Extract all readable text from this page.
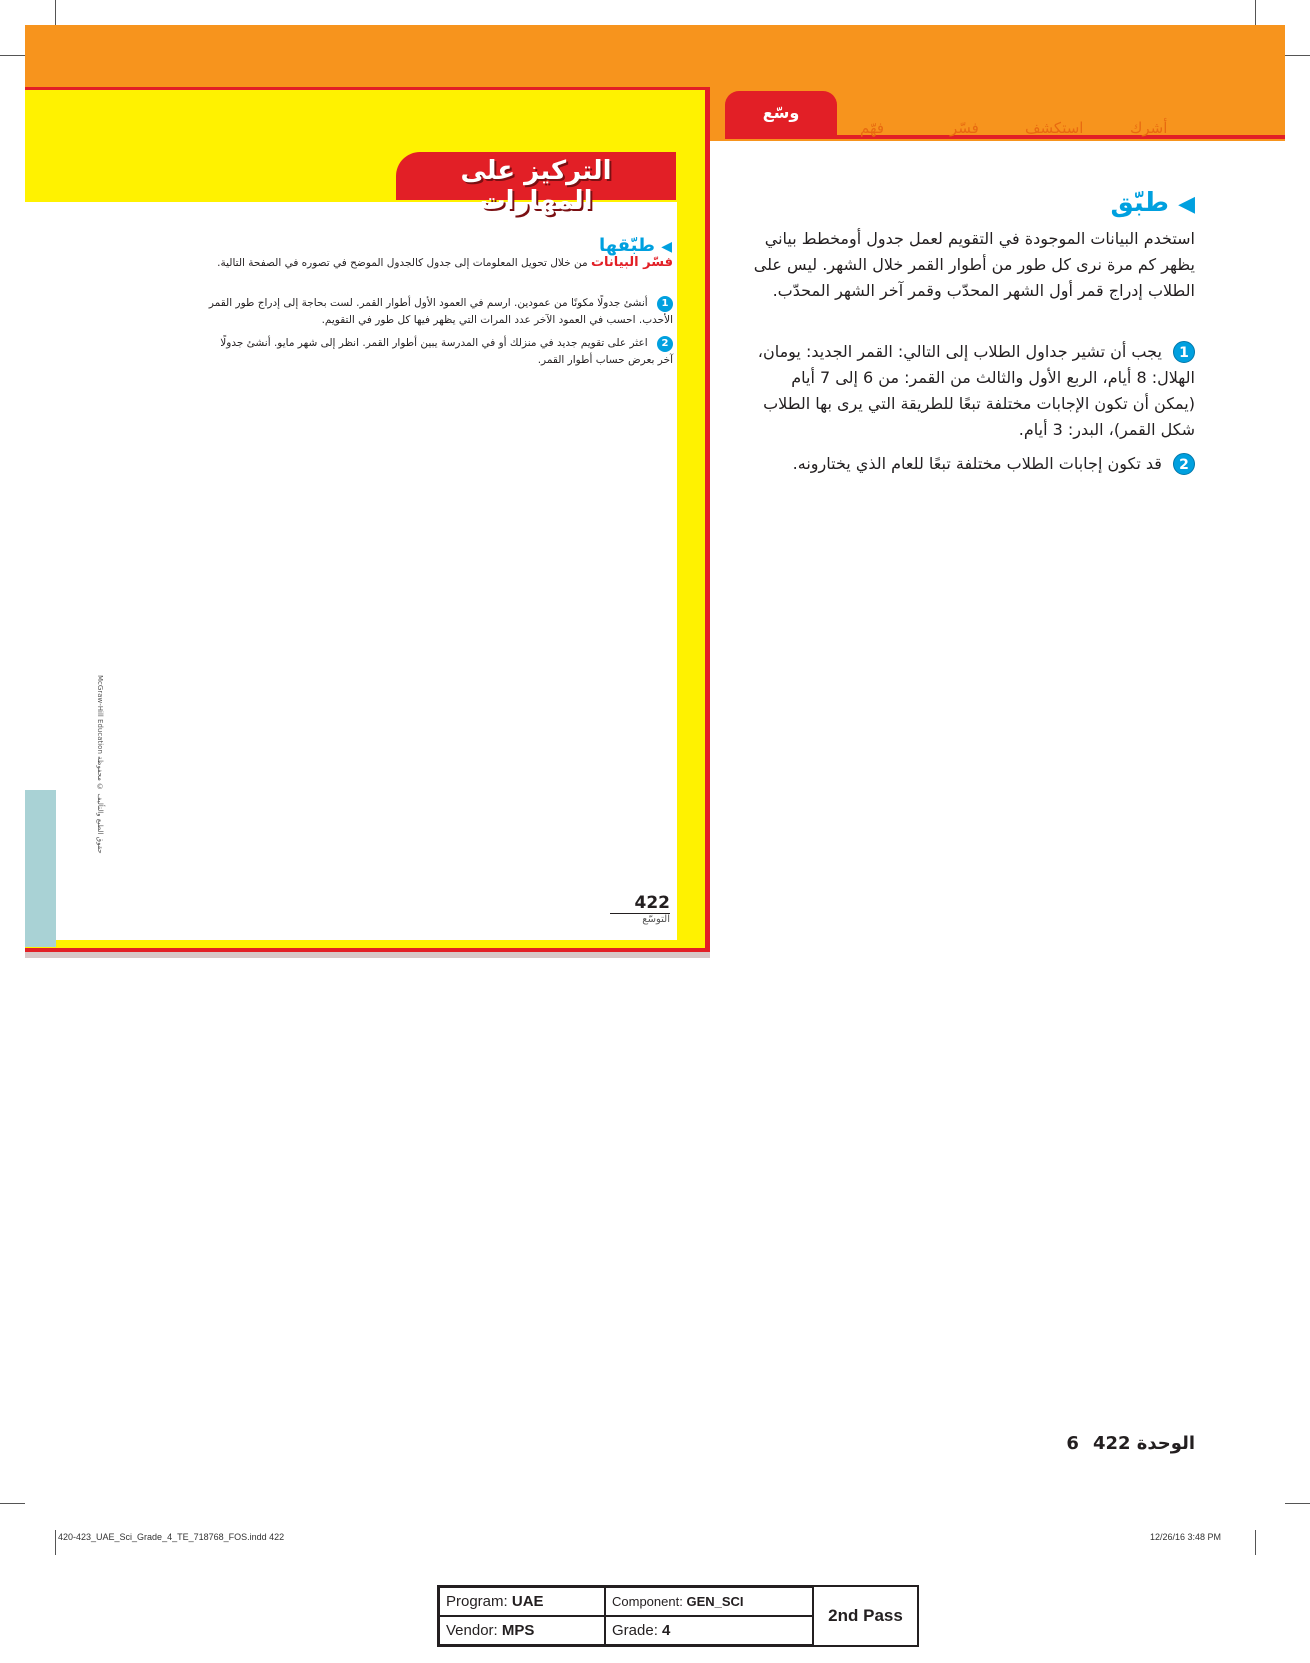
وسّع
فهّم	فسّر	استكشف	أشرك
التركيز على المهارات
◀ طبّقها
فسّر البيانات من خلال تحويل المعلومات إلى جدول كالجدول الموضح في تصوره في الصفحة التالية.
1 أنشئ جدولًا مكونًا من عمودين. ارسم في العمود الأول أطوار القمر. لست بحاجة إلى إدراج طور القمر الأحدب. احسب في العمود الآخر عدد المرات التي يظهر فيها كل طور في التقويم.
2 اعثر على تقويم جديد في منزلك أو في المدرسة يبين أطوار القمر. انظر إلى شهر مايو. أنشئ جدولًا آخر بعرض حساب أطوار القمر.
McGraw-Hill Education حقوق الطبع والتأليف © محفوظة
422
التوسّع
◀ طبّق
استخدم البيانات الموجودة في التقويم لعمل جدول أومخطط بياني يظهر كم مرة نرى كل طور من أطوار القمر خلال الشهر. ليس على الطلاب إدراج قمر أول الشهر المحدّب وقمر آخر الشهر المحدّب.
1 يجب أن تشير جداول الطلاب إلى التالي: القمر الجديد: يومان، الهلال: 8 أيام، الربع الأول والثالث من القمر: من 6 إلى 7 أيام (يمكن أن تكون الإجابات مختلفة تبعًا للطريقة التي يرى بها الطلاب شكل القمر)، البدر: 3 أيام.
2 قد تكون إجابات الطلاب مختلفة تبعًا للعام الذي يختارونه.
الوحدة 6422
420-423_UAE_Sci_Grade_4_TE_718768_FOS.indd 422	12/26/16 3:48 PM
Program: UAE	Component: GEN_SCI
Vendor: MPS	Grade: 4
2nd Pass
